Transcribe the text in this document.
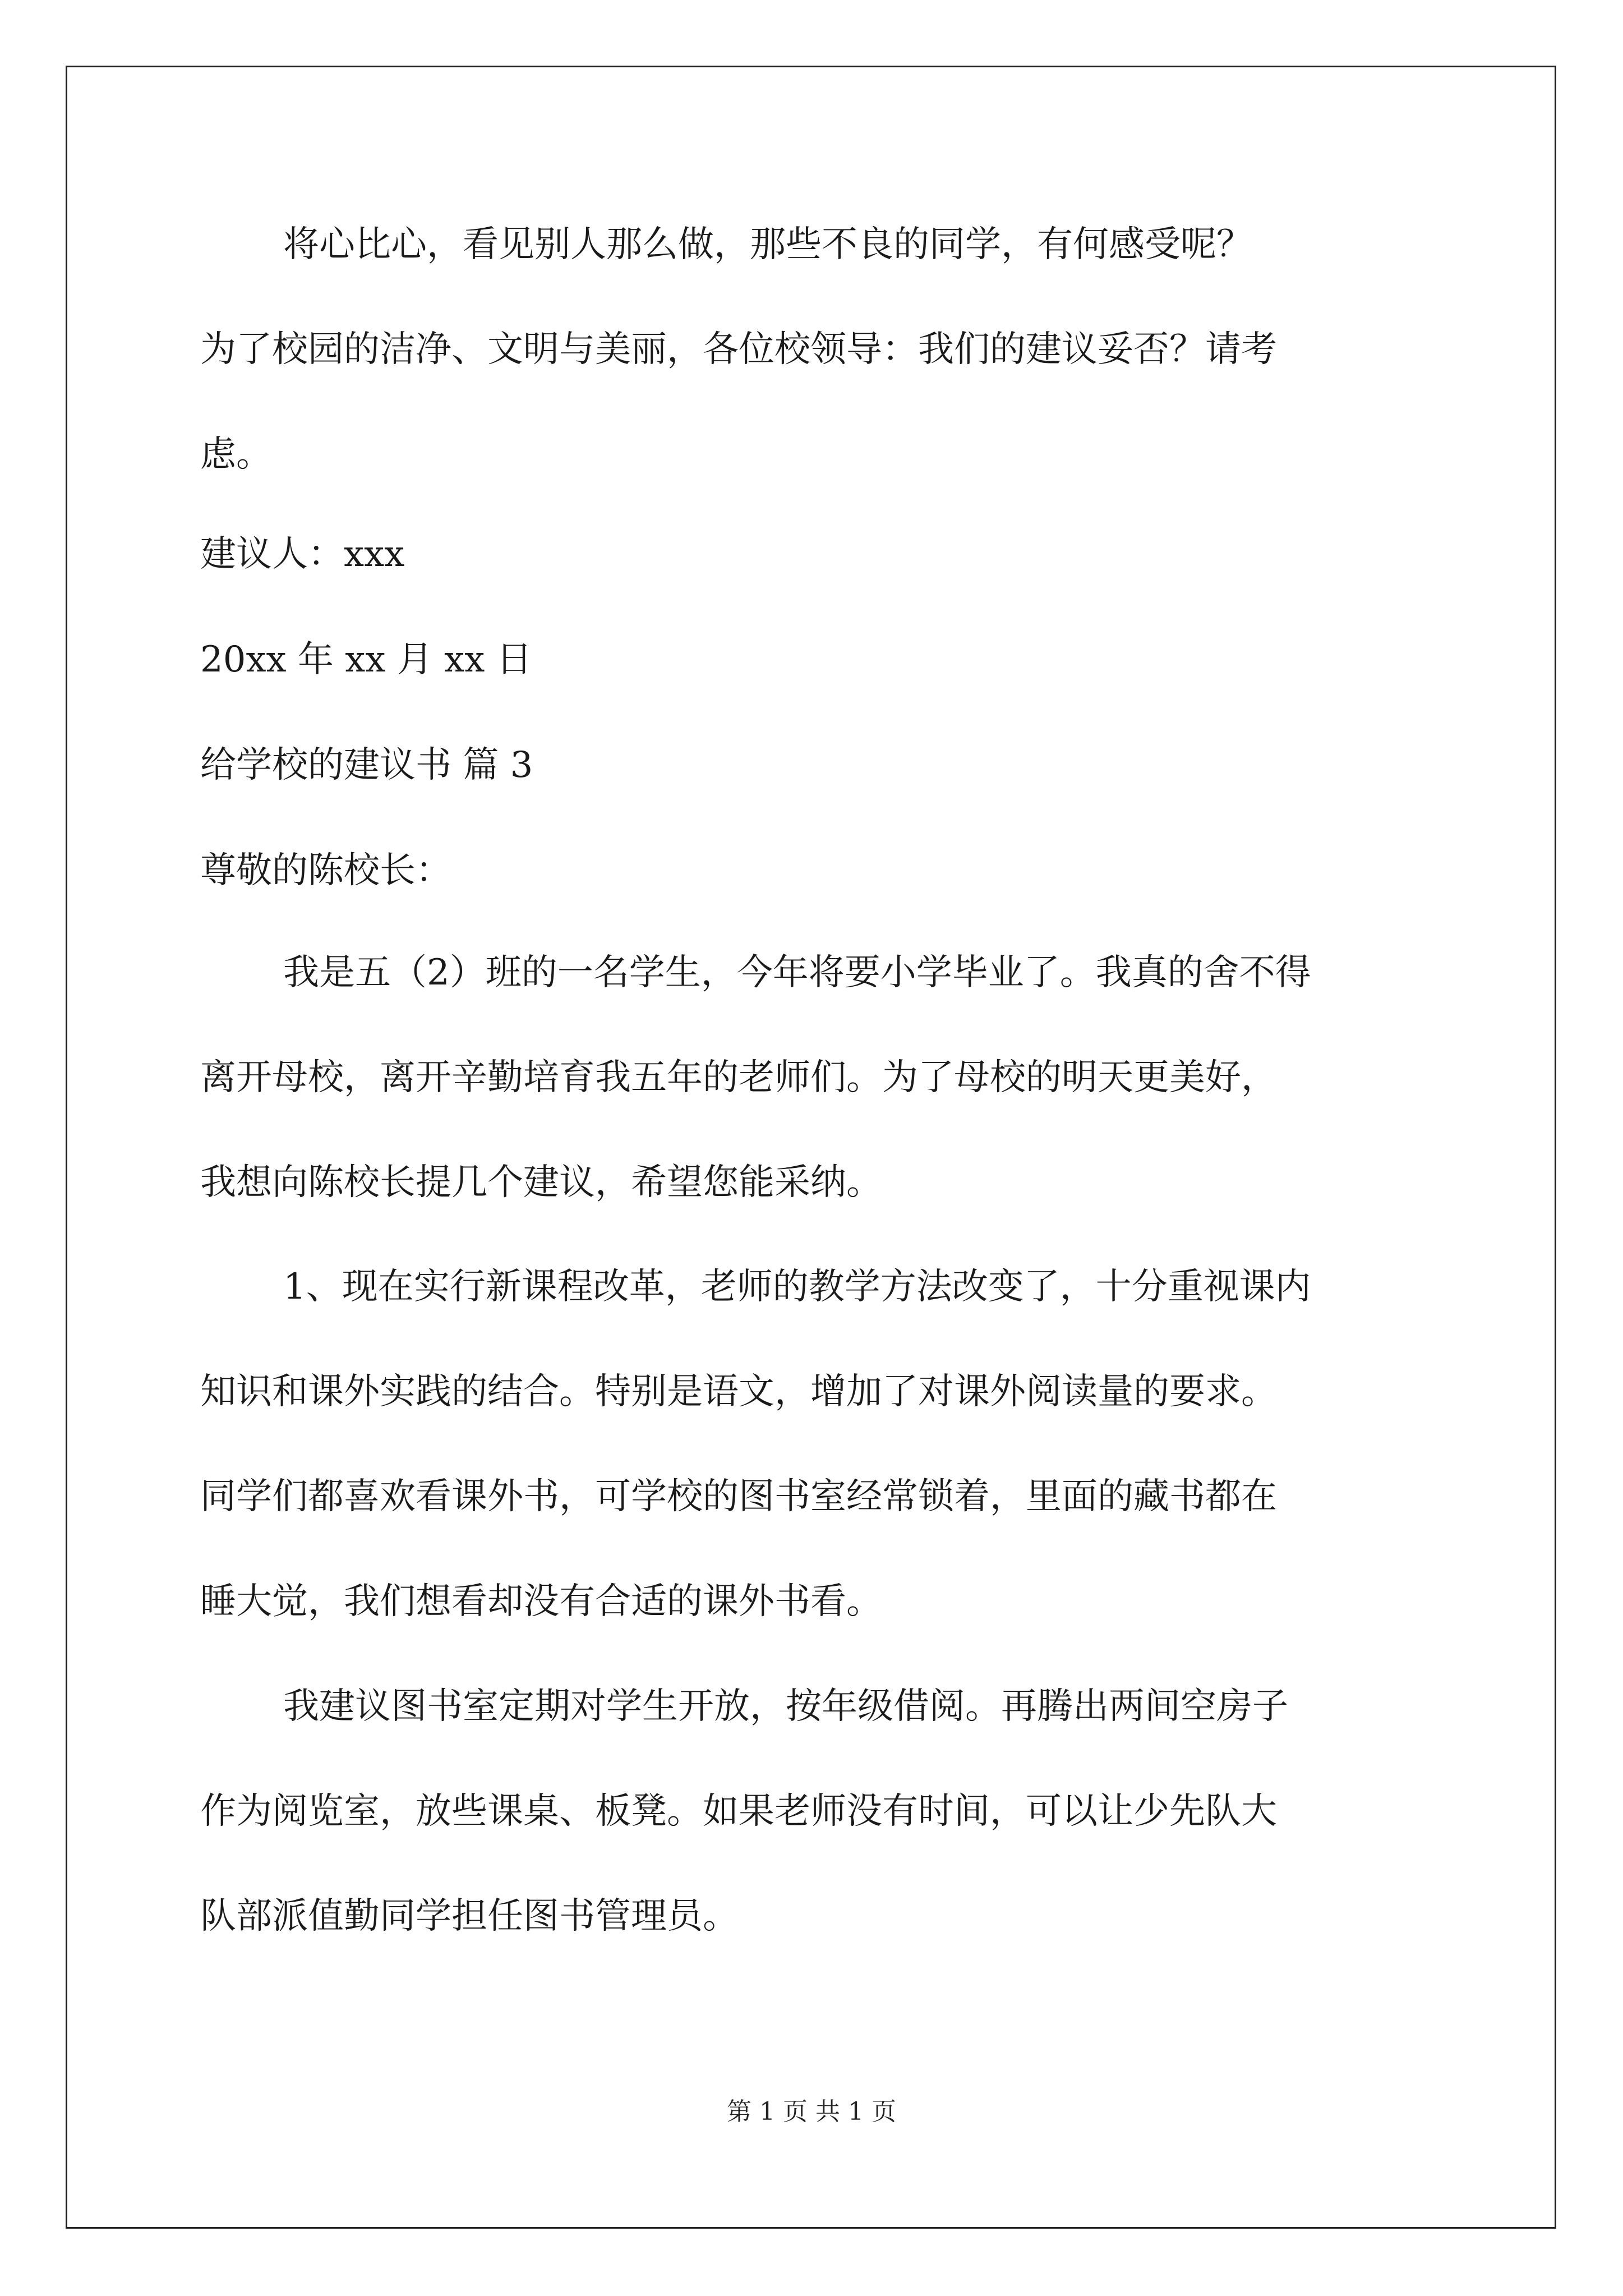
将心比心，看见别人那么做，那些不良的同学，有何感受呢？
为了校园的洁净、文明与美丽，各位校领导：我们的建议妥否？请考
虑。
建议人：xxx
20xx 年 xx 月 xx 日
给学校的建议书 篇 3
尊敬的陈校长：
我是五（2）班的一名学生，今年将要小学毕业了。我真的舍不得
离开母校，离开辛勤培育我五年的老师们。为了母校的明天更美好，
我想向陈校长提几个建议，希望您能采纳。
1、现在实行新课程改革，老师的教学方法改变了，十分重视课内
知识和课外实践的结合。特别是语文，增加了对课外阅读量的要求。
同学们都喜欢看课外书，可学校的图书室经常锁着，里面的藏书都在
睡大觉，我们想看却没有合适的课外书看。
我建议图书室定期对学生开放，按年级借阅。再腾出两间空房子
作为阅览室，放些课桌、板凳。如果老师没有时间，可以让少先队大
队部派值勤同学担任图书管理员。
第 1 页 共 1 页
